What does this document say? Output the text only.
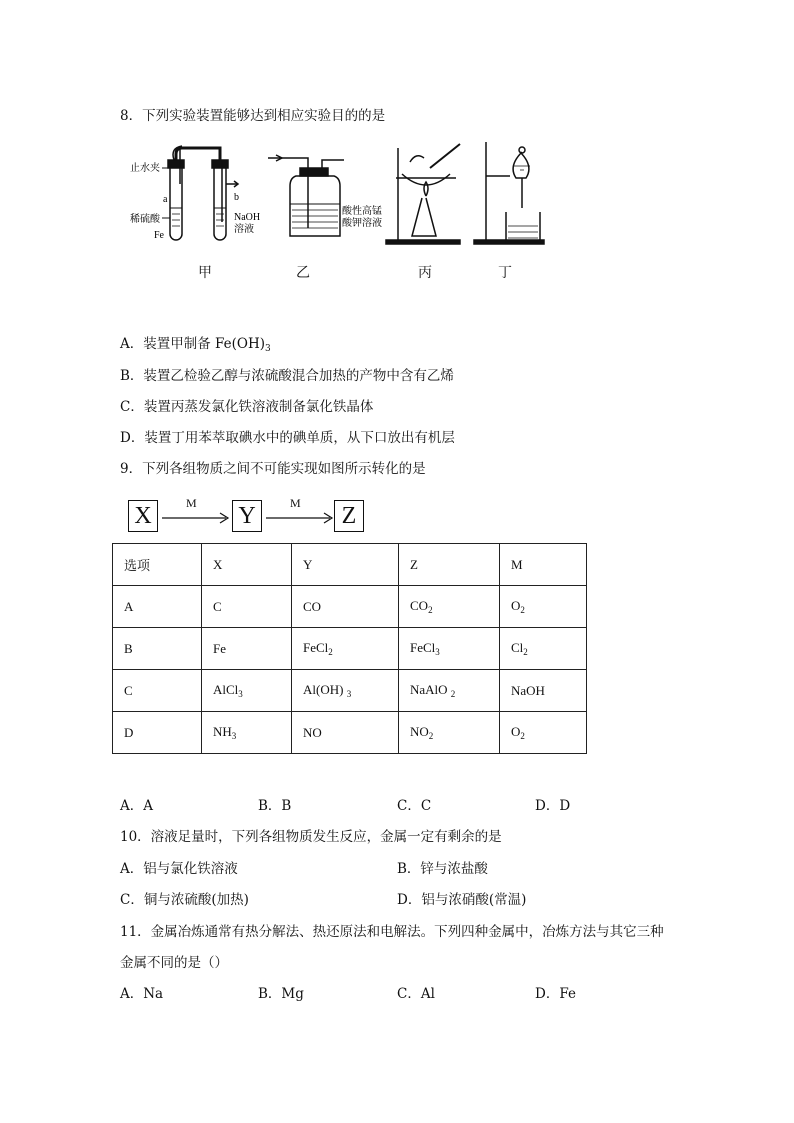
8．下列实验装置能够达到相应实验目的的是
止水夹
a	b
稀硫酸
Fe
NaOH
溶液
酸性高锰
酸钾溶液
甲	乙	丙	丁
A．装置甲制备 $Fe(OH)_3$
B．装置乙检验乙醇与浓硫酸混合加热的产物中含有乙烯
C．装置丙蒸发氯化铁溶液制备氯化铁晶体
D．装置丁用苯萃取碘水中的碘单质，从下口放出有机层
9．下列各组物质之间不可能实现如图所示转化的是
X	M Y	M	Z
选项	X	Y	Z	M
A	C	CO	$CO_2$	$O_2$
B	Fe	FeCl$_2$	FeCl$_3$	$Cl_2$
C	AlCl$_3$	Al(OH) $_3$	NaAlO $_2$	NaOH
D	$NH_3$	NO	$NO_2$	$O_2$
A．A	B．B	C．C	D．D
10．溶液足量时，下列各组物质发生反应，金属一定有剩余的是
A．铝与氯化铁溶液	B．锌与浓盐酸
C．铜与浓硫酸(加热)	D．铝与浓硝酸(常温)
11．金属冶炼通常有热分解法、热还原法和电解法。下列四种金属中，冶炼方法与其它三种
金属不同的是（）
A．Na	B．Mg	C．Al	D．Fe
